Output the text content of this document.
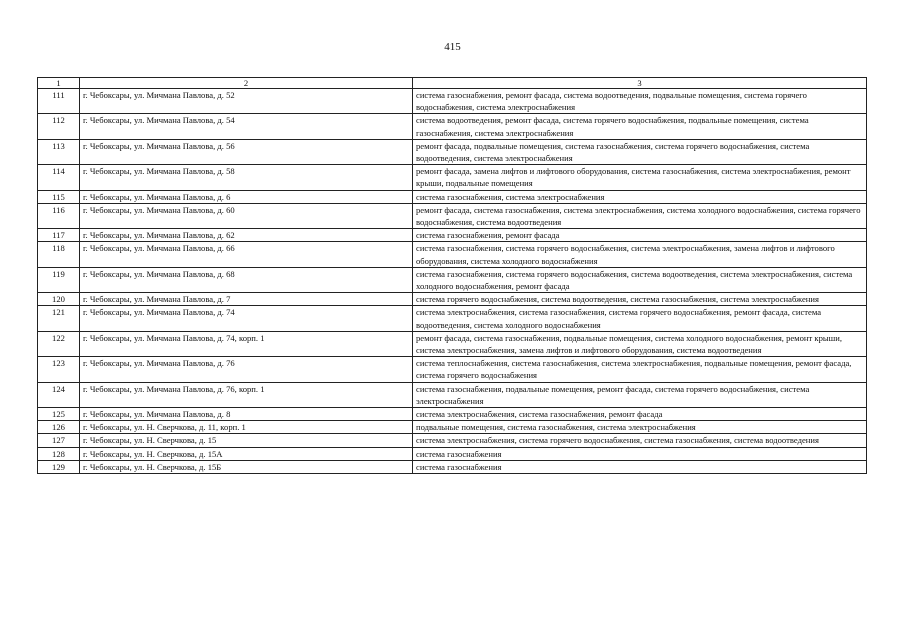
415
1	2	3
111	г. Чебоксары, ул. Мичмана Павлова, д. 52	система газоснабжения, ремонт фасада, система водоотведения, подвальные помещения, система горячего водоснабжения, система электроснабжения
112	г. Чебоксары, ул. Мичмана Павлова, д. 54	система водоотведения, ремонт фасада, система горячего водоснабжения, подвальные помещения, система газоснабжения, система электроснабжения
113	г. Чебоксары, ул. Мичмана Павлова, д. 56	ремонт фасада, подвальные помещения, система газоснабжения, система горячего водоснабжения, система водоотведения, система электроснабжения
114	г. Чебоксары, ул. Мичмана Павлова, д. 58	ремонт фасада, замена лифтов и лифтового оборудования, система газоснабжения, система электроснабжения, ремонт крыши, подвальные помещения
115	г. Чебоксары, ул. Мичмана Павлова, д. 6	система газоснабжения, система электроснабжения
116	г. Чебоксары, ул. Мичмана Павлова, д. 60	ремонт фасада, система газоснабжения, система электроснабжения, система холодного водоснабжения, система горячего водоснабжения, система водоотведения
117	г. Чебоксары, ул. Мичмана Павлова, д. 62	система газоснабжения, ремонт фасада
118	г. Чебоксары, ул. Мичмана Павлова, д. 66	система газоснабжения, система горячего водоснабжения, система электроснабжения, замена лифтов и лифтового оборудования, система холодного водоснабжения
119	г. Чебоксары, ул. Мичмана Павлова, д. 68	система газоснабжения, система горячего водоснабжения, система водоотведения, система электроснабжения, система холодного водоснабжения, ремонт фасада
120	г. Чебоксары, ул. Мичмана Павлова, д. 7	система горячего водоснабжения, система водоотведения, система газоснабжения, система электроснабжения
121	г. Чебоксары, ул. Мичмана Павлова, д. 74	система электроснабжения, система газоснабжения, система горячего водоснабжения, ремонт фасада, система водоотведения, система холодного водоснабжения
122	г. Чебоксары, ул. Мичмана Павлова, д. 74, корп. 1	ремонт фасада, система газоснабжения, подвальные помещения, система холодного водоснабжения, ремонт крыши, система электроснабжения, замена лифтов и лифтового оборудования, система водоотведения
123	г. Чебоксары, ул. Мичмана Павлова, д. 76	система теплоснабжения, система газоснабжения, система электроснабжения, подвальные помещения, ремонт фасада, система горячего водоснабжения
124	г. Чебоксары, ул. Мичмана Павлова, д. 76, корп. 1	система газоснабжения, подвальные помещения, ремонт фасада, система горячего водоснабжения, система электроснабжения
125	г. Чебоксары, ул. Мичмана Павлова, д. 8	система электроснабжения, система газоснабжения, ремонт фасада
126	г. Чебоксары, ул. Н. Сверчкова, д. 11, корп. 1	подвальные помещения, система газоснабжения, система электроснабжения
127	г. Чебоксары, ул. Н. Сверчкова, д. 15	система электроснабжения, система горячего водоснабжения, система газоснабжения, система водоотведения
128	г. Чебоксары, ул. Н. Сверчкова, д. 15А	система газоснабжения
129	г. Чебоксары, ул. Н. Сверчкова, д. 15Б	система газоснабжения
